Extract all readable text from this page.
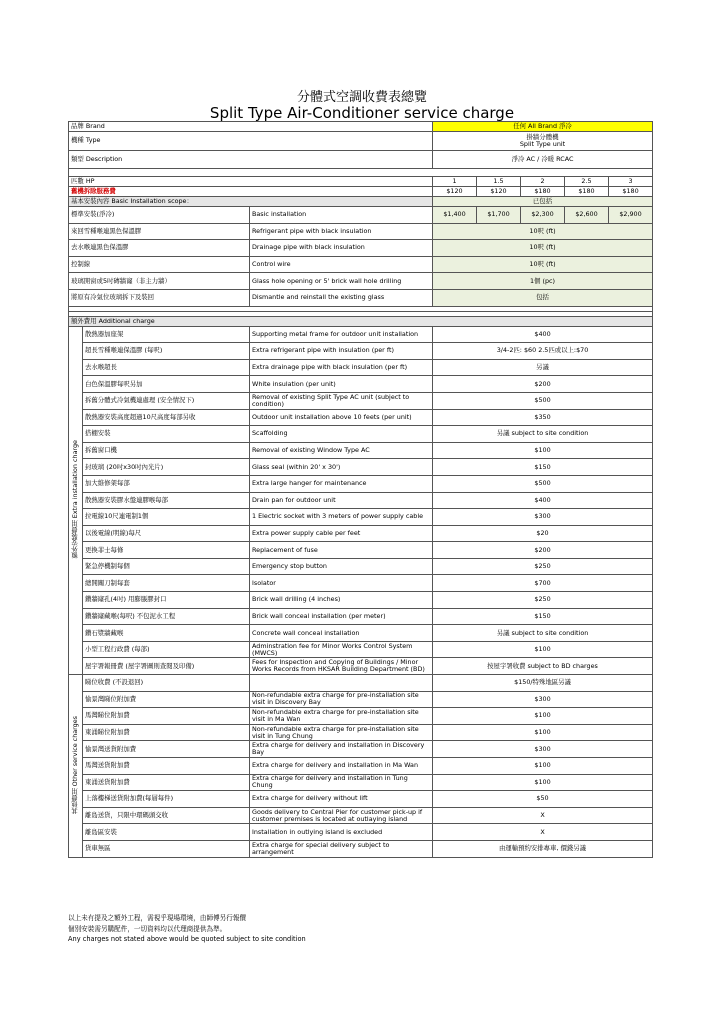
分體式空調收費表總覽
Split Type Air-Conditioner service charge
品牌 Brand			任何 All Brand 淨冷				
機種 Type			掛牆分體機
Split Type unit				

類型 Description			淨冷 AC / 冷暖 RCAC				

匹數 HP			1	1.5	2	2.5	3
舊機拆除服務費			$120	$120	$180	$180	$180
基本安裝內容 Basic Installation scope：			已包括				
標準安裝(淨冷)		Basic installation	$1,400	$1,700	$2,300	$2,600	$2,900
來回雪種喉連黑色保溫膠		Refrigerant pipe with black insulation	10呎 (ft)				
去水喉連黑色保溫膠		Drainage pipe with black insulation	10呎 (ft)				
控制線		Control wire	10呎 (ft)				
玻璃開窗或5吋磚牆窿（非主力牆）		Glass hole opening or 5' brick wall hole drilling	1個 (pc)				
將原有冷氣位玻璃拆下及裝回		Dismantle and reinstall the existing glass	包括				

額外費用 Additional charge							
額外安裝費用 Extra installation charge	散熱器加座架	Supporting metal frame for outdoor unit installation	$400				
	超長雪種喉連保溫膠 (每呎)	Extra refrigerant pipe with insulation (per ft)	3/4-2匹: $60 2.5匹或以上:$70				
	去水喉超長	Extra drainage pipe with black insulation (per ft)	另議				
	白色保溫膠每呎另加	White insulation (per unit)	$200				
	拆舊分體式冷氣機連處理 (安全情況下)	Removal of existing Split Type AC unit (subject to condition)	$500				
	散熱器安裝高度超過10尺高度每部另收	Outdoor unit installation above 10 feets (per unit)	$350				
	搭棚安裝	Scaffolding	另議 subject to site condition				
	拆舊窗口機	Removal of existing Window Type AC	$100				
	封玻璃 (20吋x30吋內光片)	Glass seal (within 20' x 30')	$150				
	加大維修架每部	Extra large hanger for maintenance	$500				
	散熱器安裝膠水盤連膠喉每部	Drain pan for outdoor unit	$400				
	拉電線10尺連電制1個	1 Electric socket with 3 meters of power supply cable	$300				
	以後電線(明線)每尺	Extra power supply cable per feet	$20				
	更換菲士每條	Replacement of fuse	$200				
	緊急停機制每個	Emergency stop button	$250				
	總開關刀制每套	Isolator	$700				
	鑽牆窿孔(4吋) 用膨脹膠封口	Brick wall drilling (4 inches)	$250				
	鑽牆窿藏喉(每呎) 不包泥水工程	Brick wall conceal installation (per meter)	$150				
	鑽石漿牆藏喉	Concrete wall conceal installation	另議 subject to site condition				
	小型工程行政費 (每部)	Adminstration fee for Minor Works Control System (MWCS)	$100				
	屋宇署報冊費 (屋宇署圖則查閱及印備)	Fees for Inspection and Copying of Buildings / Minor Works Records from HKSAR Building Department (BD)	按屋宇署收費 subject to BD charges				
其他費用 Other service charges	睇位收費 (不設退回)		$150/特殊地區另議				
	愉景灣睇位附加費	Non-refundable extra charge for pre-installation site visit in Discovery Bay	$300				
	馬灣睇位附加費	Non-refundable extra charge for pre-installation site visit in Ma Wan	$100				
	東涌睇位附加費	Non-refundable extra charge for pre-installation site visit in Tung Chung	$100				
	愉景灣送貨附加費	Extra charge for delivery and installation in Discovery Bay	$300				
	馬灣送貨附加費	Extra charge for delivery and installation in Ma Wan	$100				
	東涌送貨附加費	Extra charge for delivery and installation in Tung Chung	$100				
	上落樓梯送貨附加費(每層每件)	Extra charge for delivery without lift	$50				
	離島送貨，只限中環碼頭交收	Goods delivery to Central Pier for customer pick-up if customer premises is located at outlaying island	X				
	離島區安裝	Installation in outlying island is excluded	X				
	貨車無區	Extra charge for special delivery subject to arrangement	由運輸預約安排專車, 價錢另議				
以上未有提及之額外工程，需視乎現場環境，由師傅另行報價
個別安裝需另購配件，一切資料均以代理商提供為準。
Any charges not stated above would be quoted subject to site condition
